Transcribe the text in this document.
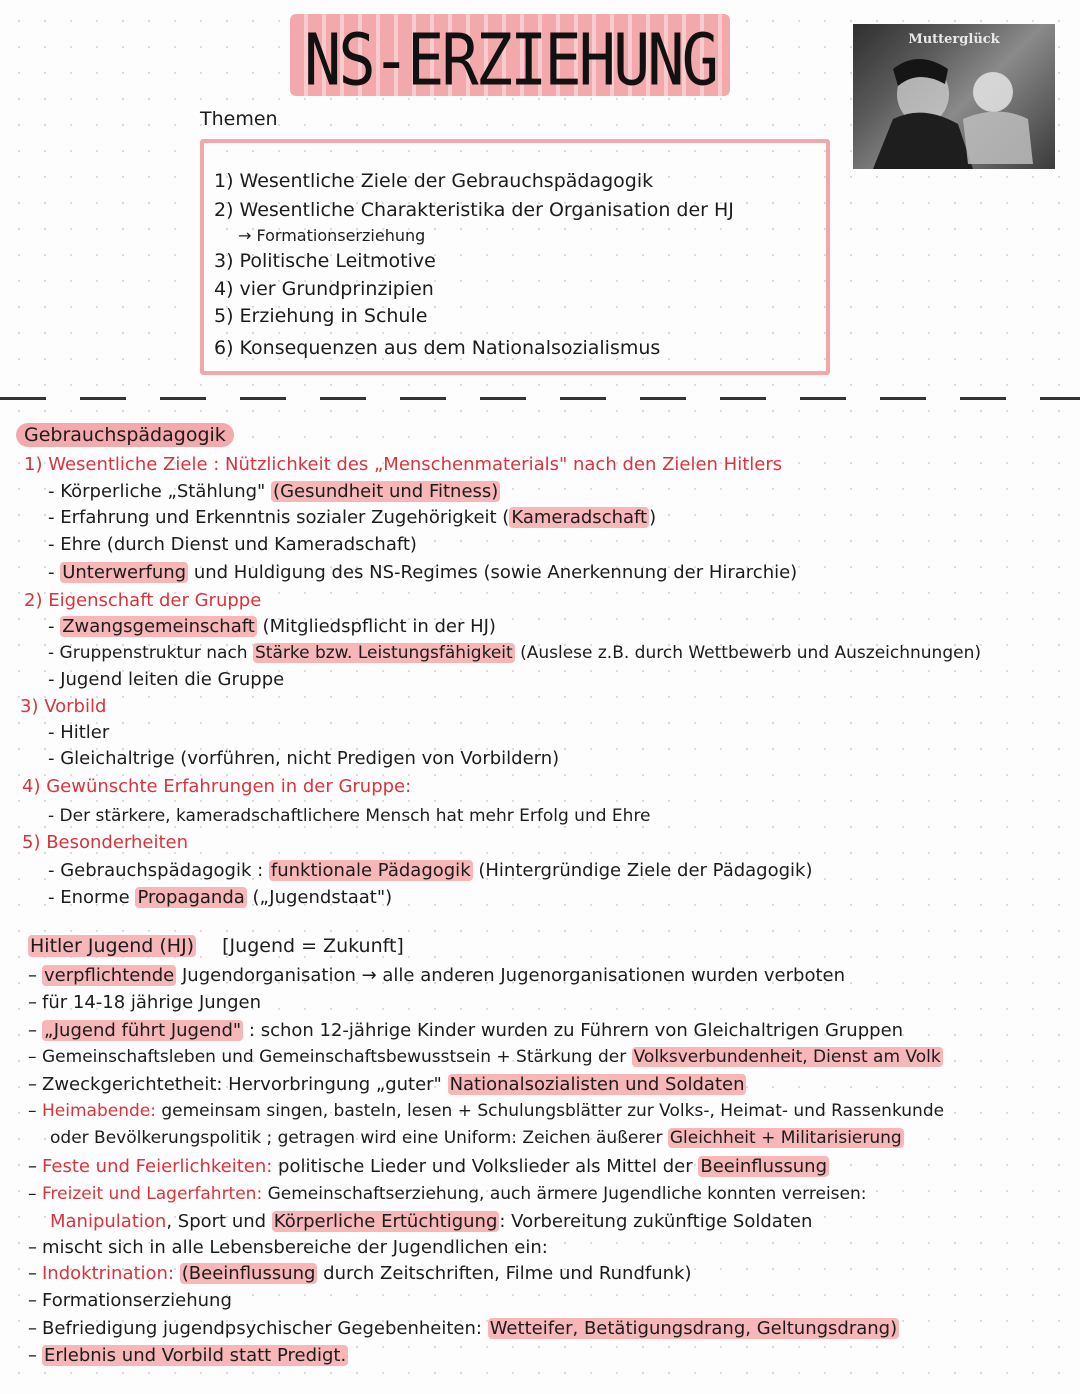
NS-ERZIEHUNG
Themen
Mutterglück
1) Wesentliche Ziele der Gebrauchspädagogik
2) Wesentliche Charakteristika der Organisation der HJ
→ Formationserziehung
3) Politische Leitmotive
4) vier Grundprinzipien
5) Erziehung in Schule
6) Konsequenzen aus dem Nationalsozialismus
Gebrauchspädagogik
1) Wesentliche Ziele : Nützlichkeit des „Menschenmaterials" nach den Zielen Hitlers
- Körperliche „Stählung" (Gesundheit und Fitness)
- Erfahrung und Erkenntnis sozialer Zugehörigkeit ( Kameradschaft )
- Ehre (durch Dienst und Kameradschaft)
- Unterwerfung und Huldigung des NS-Regimes (sowie Anerkennung der Hirarchie)
2) Eigenschaft der Gruppe
- Zwangsgemeinschaft (Mitgliedspflicht in der HJ)
- Gruppenstruktur nach Stärke bzw. Leistungsfähigkeit (Auslese z.B. durch Wettbewerb und Auszeichnungen)
- Jugend leiten die Gruppe
3) Vorbild
- Hitler
- Gleichaltrige (vorführen, nicht Predigen von Vorbildern)
4) Gewünschte Erfahrungen in der Gruppe:
- Der stärkere, kameradschaftlichere Mensch hat mehr Erfolg und Ehre
5) Besonderheiten
- Gebrauchspädagogik : funktionale Pädagogik (Hintergründige Ziele der Pädagogik)
- Enorme Propaganda („Jugendstaat")
Hitler Jugend (HJ) [Jugend = Zukunft]
– verpflichtende Jugendorganisation → alle anderen Jugenorganisationen wurden verboten
– für 14-18 jährige Jungen
– „Jugend führt Jugend" : schon 12-jährige Kinder wurden zu Führern von Gleichaltrigen Gruppen
– Gemeinschaftsleben und Gemeinschaftsbewusstsein + Stärkung der Volksverbundenheit, Dienst am Volk
– Zweckgerichtetheit: Hervorbringung „guter" Nationalsozialisten und Soldaten
– Heimabende: gemeinsam singen, basteln, lesen + Schulungsblätter zur Volks-, Heimat- und Rassenkunde
oder Bevölkerungspolitik ; getragen wird eine Uniform: Zeichen äußerer Gleichheit + Militarisierung
– Feste und Feierlichkeiten: politische Lieder und Volkslieder als Mittel der Beeinflussung
– Freizeit und Lagerfahrten: Gemeinschaftserziehung, auch ärmere Jugendliche konnten verreisen:
Manipulation, Sport und Körperliche Ertüchtigung : Vorbereitung zukünftige Soldaten
– mischt sich in alle Lebensbereiche der Jugendlichen ein:
– Indoktrination: (Beeinflussung durch Zeitschriften, Filme und Rundfunk)
– Formationserziehung
– Befriedigung jugendpsychischer Gegebenheiten: Wetteifer, Betätigungsdrang, Geltungsdrang)
– Erlebnis und Vorbild statt Predigt.
